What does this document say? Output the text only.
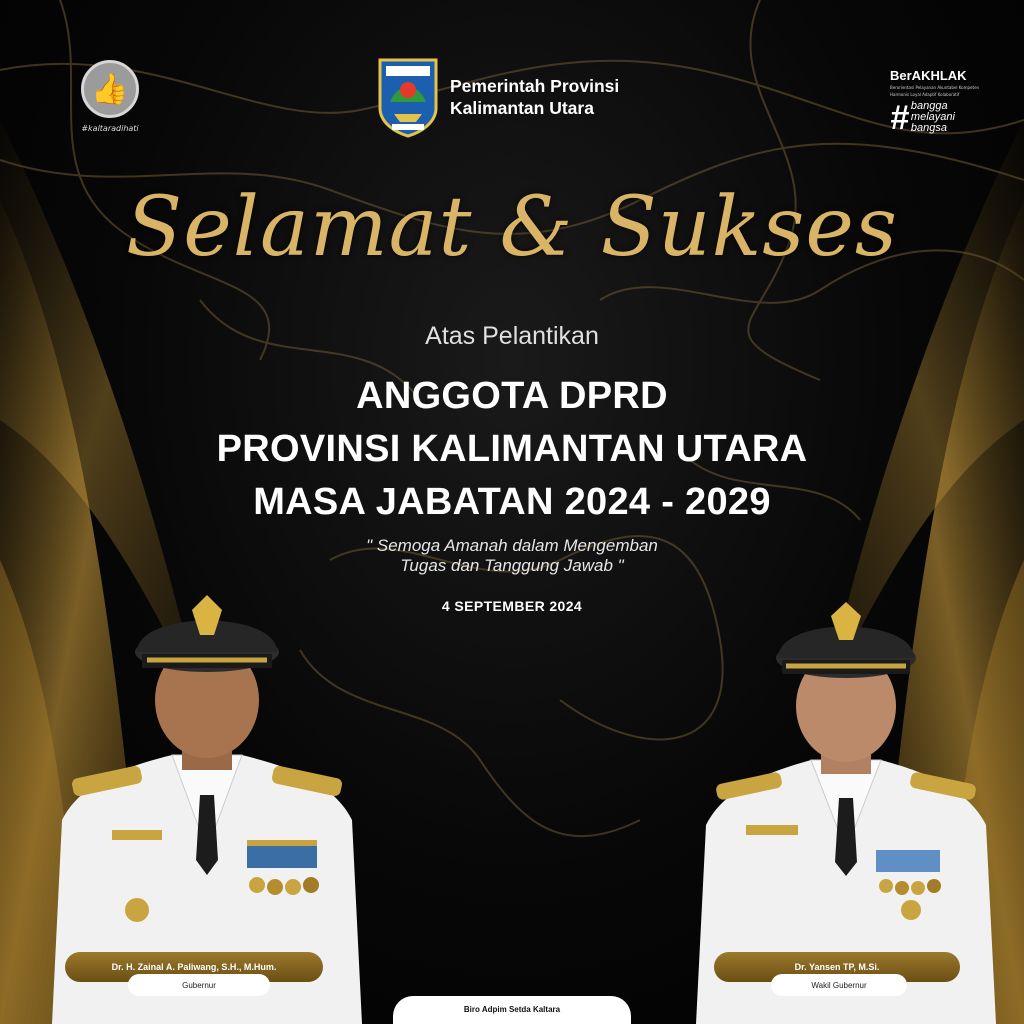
👍
#kaltaradihati
Pemerintah Provinsi
Kalimantan Utara
BerAKHLAK
Berorientasi Pelayanan Akuntabel Kompeten
Harmonis Loyal Adaptif Kolaboratif
# bangga
melayani
bangsa
Selamat & Sukses
Atas Pelantikan
ANGGOTA DPRD
PROVINSI KALIMANTAN UTARA
MASA JABATAN 2024 - 2029
" Semoga Amanah dalam Mengemban
Tugas dan Tanggung Jawab "
4 SEPTEMBER 2024
Dr. H. Zainal A. Paliwang, S.H., M.Hum.
Gubernur
Dr. Yansen TP, M.Si.
Wakil Gubernur
Biro Adpim Setda Kaltara
